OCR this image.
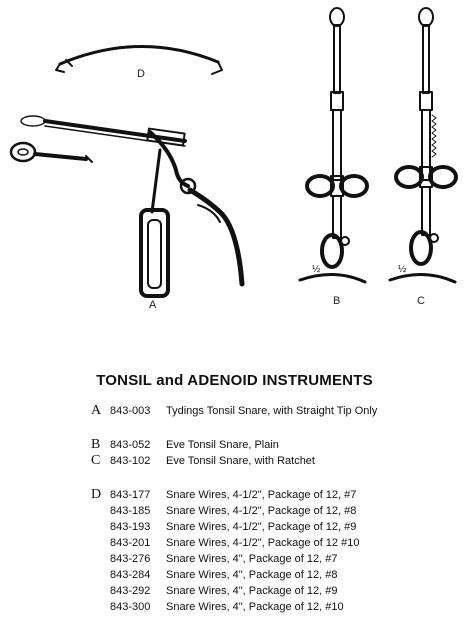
D
A	B	C
½	½
TONSIL and ADENOID INSTRUMENTS
A 843-003 Tydings Tonsil Snare, with Straight Tip Only
B 843-052 Eve Tonsil Snare, Plain
C 843-102 Eve Tonsil Snare, with Ratchet
D 843-177 Snare Wires, 4-1/2", Package of 12, #7
843-185 Snare Wires, 4-1/2", Package of 12, #8
843-193 Snare Wires, 4-1/2", Package of 12, #9
843-201 Snare Wires, 4-1/2", Package of 12 #10
843-276 Snare Wires, 4", Package of 12, #7
843-284 Snare Wires, 4", Package of 12, #8
843-292 Snare Wires, 4", Package of 12, #9
843-300 Snare Wires, 4", Package of 12, #10
